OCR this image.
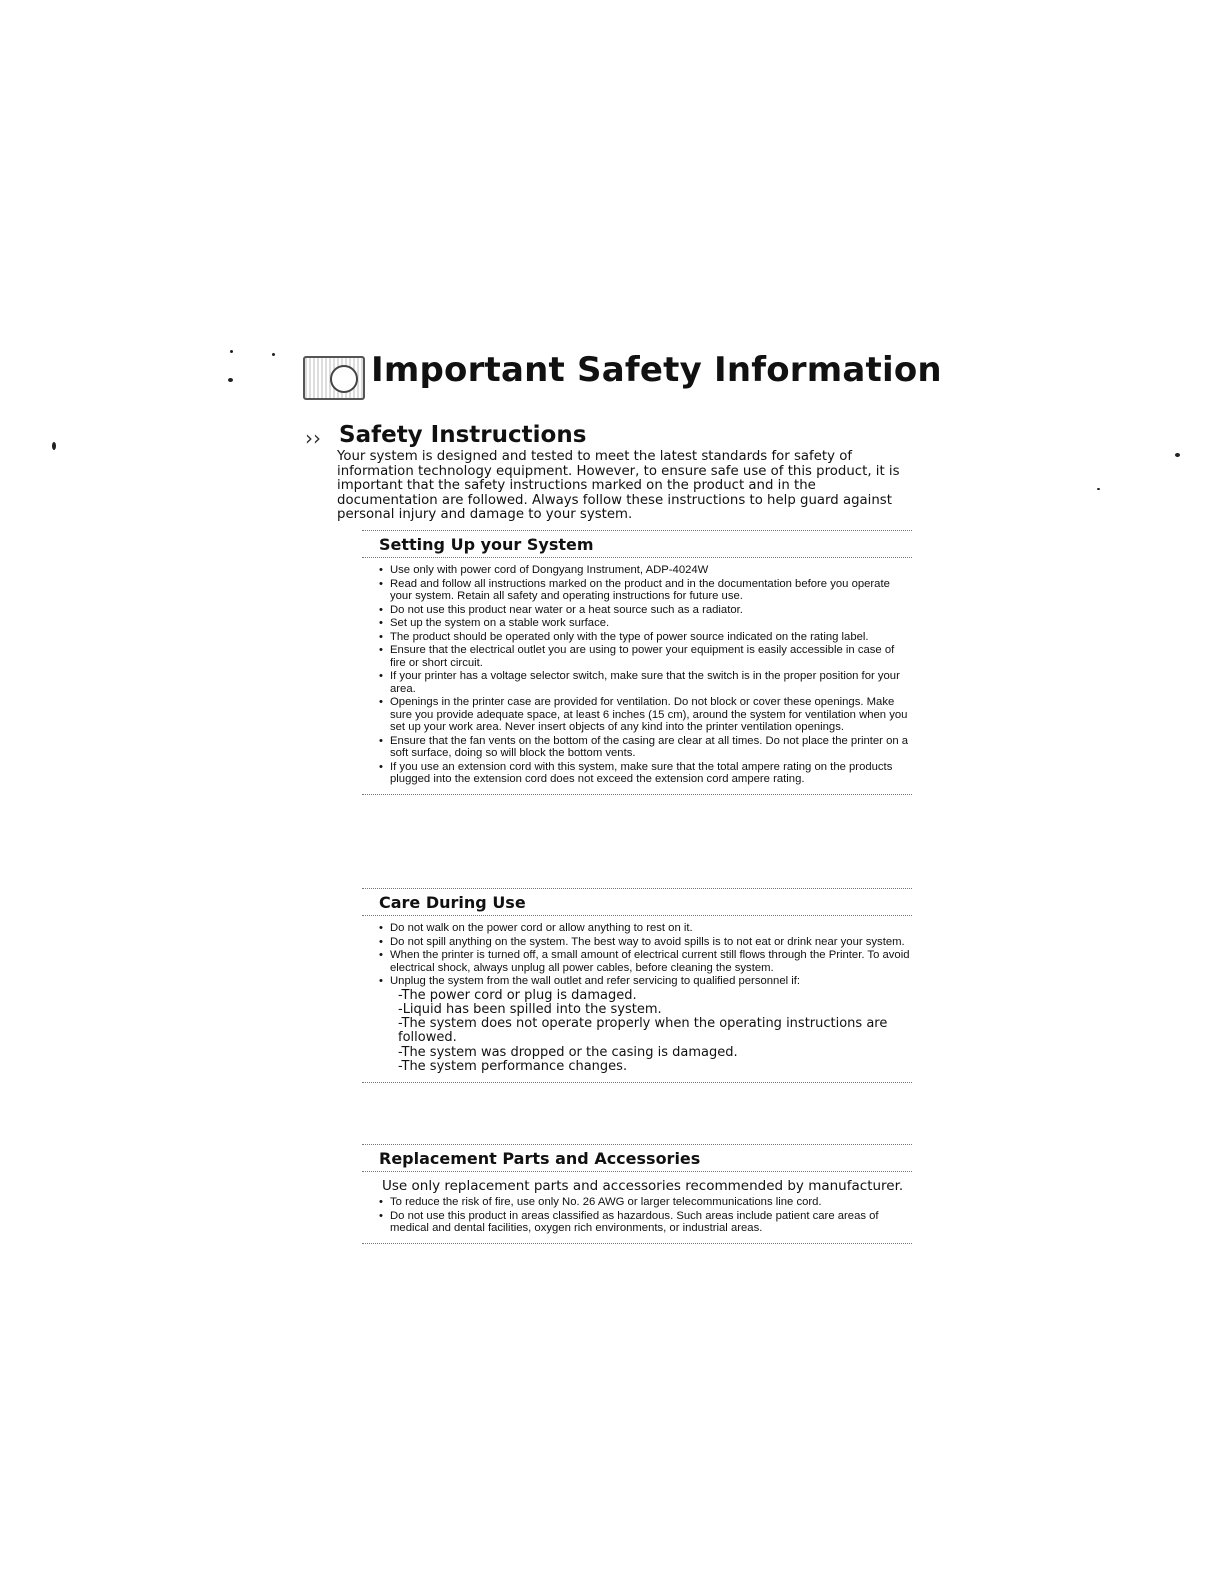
Important Safety Information
›› Safety Instructions

Your system is designed and tested to meet the latest standards for safety of information technology equipment. However, to ensure safe use of this product, it is important that the safety instructions marked on the product and in the documentation are followed. Always follow these instructions to help guard against personal injury and damage to your system.

Setting Up your System
• Use only with power cord of Dongyang Instrument, ADP-4024W
• Read and follow all instructions marked on the product and in the documentation before you operate your system. Retain all safety and operating instructions for future use.
• Do not use this product near water or a heat source such as a radiator.
• Set up the system on a stable work surface.
• The product should be operated only with the type of power source indicated on the rating label.
• Ensure that the electrical outlet you are using to power your equipment is easily accessible in case of fire or short circuit.
• If your printer has a voltage selector switch, make sure that the switch is in the proper position for your area.
• Openings in the printer case are provided for ventilation. Do not block or cover these openings. Make sure you provide adequate space, at least 6 inches (15 cm), around the system for ventilation when you set up your work area. Never insert objects of any kind into the printer ventilation openings.
• Ensure that the fan vents on the bottom of the casing are clear at all times. Do not place the printer on a soft surface, doing so will block the bottom vents.
• If you use an extension cord with this system, make sure that the total ampere rating on the products plugged into the extension cord does not exceed the extension cord ampere rating.
Care During Use
• Do not walk on the power cord or allow anything to rest on it.
• Do not spill anything on the system. The best way to avoid spills is to not eat or drink near your system.
• When the printer is turned off, a small amount of electrical current still flows through the Printer. To avoid electrical shock, always unplug all power cables, before cleaning the system.
• Unplug the system from the wall outlet and refer servicing to qualified personnel if:
-The power cord or plug is damaged.
-Liquid has been spilled into the system.
-The system does not operate properly when the operating instructions are followed.
-The system was dropped or the casing is damaged.
-The system performance changes.
Replacement Parts and Accessories

Use only replacement parts and accessories recommended by manufacturer.

• To reduce the risk of fire, use only No. 26 AWG or larger telecommunications line cord.
• Do not use this product in areas classified as hazardous. Such areas include patient care areas of medical and dental facilities, oxygen rich environments, or industrial areas.
